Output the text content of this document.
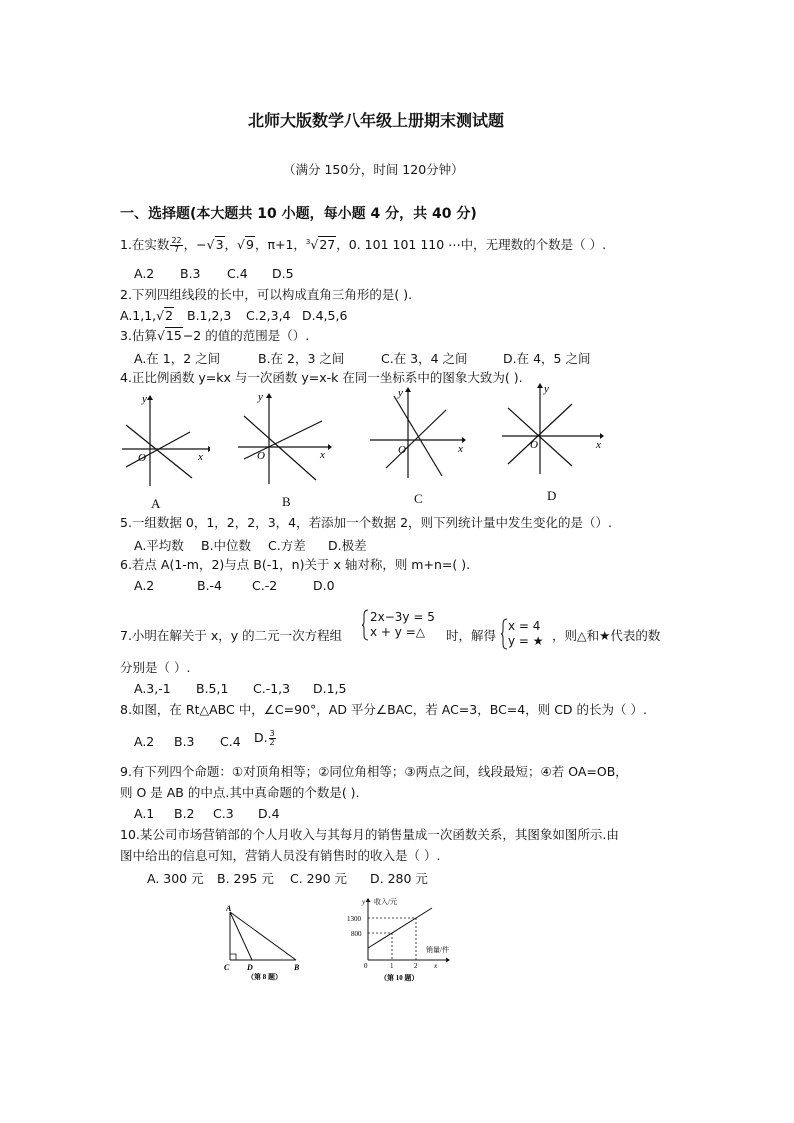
北师大版数学八年级上册期末测试题
（满分 150分，时间 120分钟）
一、选择题(本大题共 10 小题，每小题 4 分，共 40 分)
1.在实数 $\frac{22}{7}$ ，−√3，√9，π+1，$^3$√27，0. 101 101 110 ⋯中，无理数的个数是（ ）.
A.2 B.3 C.4 D.5
2.下列四组线段的长中，可以构成直角三角形的是( ).
A.1,1,√2 B.1,2,3 C.2,3,4 D.4,5,6
3.估算√15−2 的值的范围是（）.
A.在 1，2 之间	B.在 2，3 之间	C.在 3，4 之间	D.在 4，5 之间
4.正比例函数 y=kx 与一次函数 y=x-k 在同一坐标系中的图象大致为( ).
y
x
O
A
y
x
O
B
y
x
O
C
y
x
O
D
5.一组数据 0，1，2，2，3，4，若添加一个数据 2，则下列统计量中发生变化的是（）.
A.平均数 B.中位数 C.方差 D.极差
6.若点 A(1-m，2)与点 B(-1，n)关于 x 轴对称，则 m+n=( ).
A.2	B.-4 C.-2	D.0
7.小明在解关于 x，y 的二元一次方程组
2x−3y = 5
x + y =△ 时，解得
x = 4
y = ★ ，则△和★代表的数
分别是（ ）.
A.3,-1 B.5,1 C.-1,3 D.1,5
8.如图，在 Rt△ABC 中，∠C=90°，AD 平分∠BAC，若 AC=3，BC=4，则 CD 的长为（ ）.
A.2 B.3 C.4 D. $\frac{3}{2}$
9.有下列四个命题：①对顶角相等；②同位角相等；③两点之间，线段最短；④若 OA=OB，
则 O 是 AB 的中点.其中真命题的个数是( ).
A.1 B.2 C.3 D.4
10.某公司市场营销部的个人月收入与其每月的销售量成一次函数关系，其图象如图所示.由
图中给出的信息可知，营销人员没有销售时的收入是（ ）.
A. 300 元 B. 295 元 C. 290 元 D. 280 元
A
C D	B
（第 8 题）
y 收入/元
1300
800
0	1	2
销量/件
x
（第 10 题）
